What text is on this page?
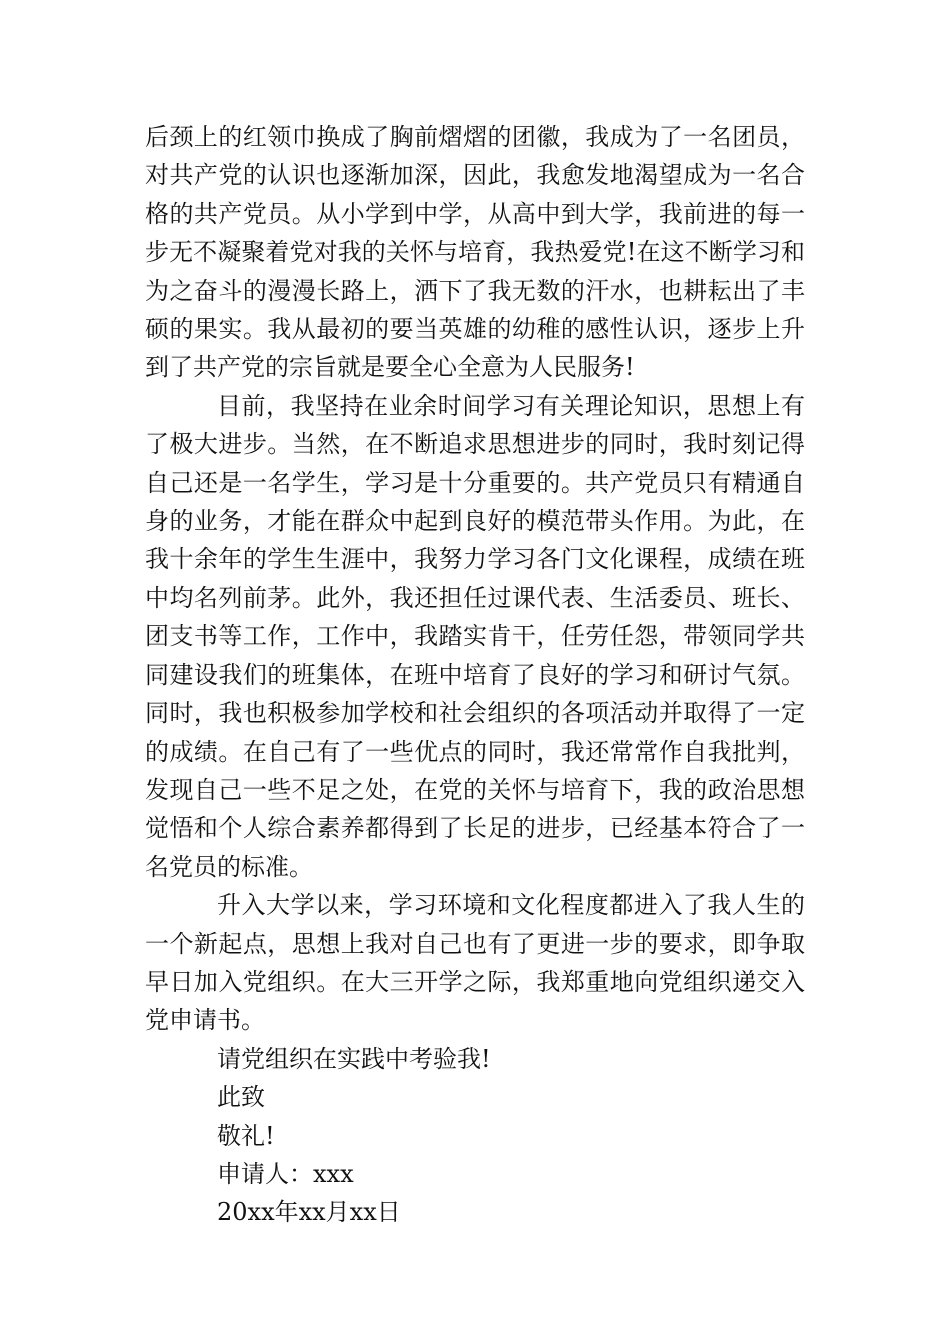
后颈上的红领巾换成了胸前熠熠的团徽，我成为了一名团员，对共产党的认识也逐渐加深，因此，我愈发地渴望成为一名合格的共产党员。从小学到中学，从高中到大学，我前进的每一步无不凝聚着党对我的关怀与培育，我热爱党!在这不断学习和为之奋斗的漫漫长路上，洒下了我无数的汗水，也耕耘出了丰硕的果实。我从最初的要当英雄的幼稚的感性认识，逐步上升到了共产党的宗旨就是要全心全意为人民服务!

目前，我坚持在业余时间学习有关理论知识，思想上有了极大进步。当然，在不断追求思想进步的同时，我时刻记得自己还是一名学生，学习是十分重要的。共产党员只有精通自身的业务，才能在群众中起到良好的模范带头作用。为此，在我十余年的学生生涯中，我努力学习各门文化课程，成绩在班中均名列前茅。此外，我还担任过课代表、生活委员、班长、团支书等工作，工作中，我踏实肯干，任劳任怨，带领同学共同建设我们的班集体，在班中培育了良好的学习和研讨气氛。同时，我也积极参加学校和社会组织的各项活动并取得了一定的成绩。在自己有了一些优点的同时，我还常常作自我批判，发现自己一些不足之处，在党的关怀与培育下，我的政治思想觉悟和个人综合素养都得到了长足的进步，已经基本符合了一名党员的标准。

升入大学以来，学习环境和文化程度都进入了我人生的一个新起点，思想上我对自己也有了更进一步的要求，即争取早日加入党组织。在大三开学之际，我郑重地向党组织递交入党申请书。

请党组织在实践中考验我!

此致

敬礼!

申请人：xxx

20xx年xx月xx日
